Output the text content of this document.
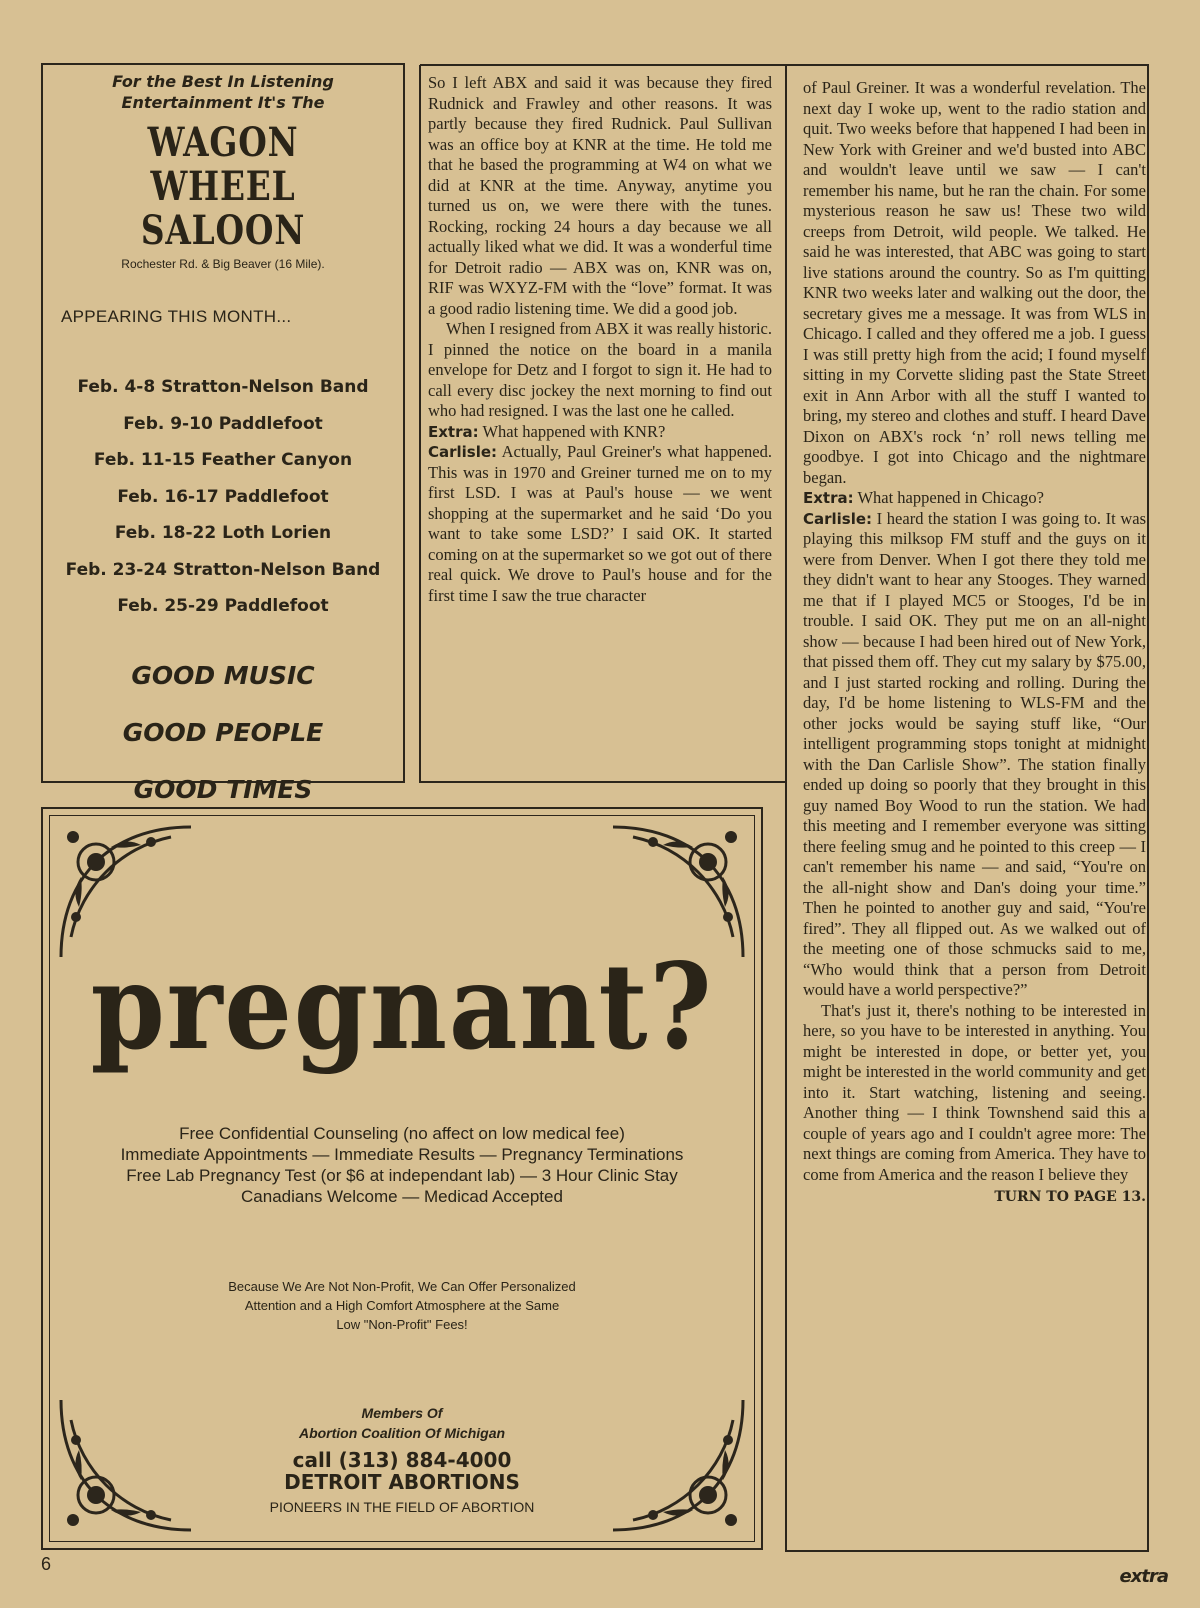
For the Best In Listening
Entertainment It's The
WAGON WHEEL
SALOON
Rochester Rd. & Big Beaver (16 Mile).
APPEARING THIS MONTH...
Feb. 4-8 Stratton-Nelson Band
Feb. 9-10 Paddlefoot
Feb. 11-15 Feather Canyon
Feb. 16-17 Paddlefoot
Feb. 18-22 Loth Lorien
Feb. 23-24 Stratton-Nelson Band
Feb. 25-29 Paddlefoot
GOOD MUSIC
GOOD PEOPLE
GOOD TIMES

So I left ABX and said it was because they fired Rudnick and Frawley and other reasons. It was partly because they fired Rudnick. Paul Sullivan was an office boy at KNR at the time. He told me that he based the programming at W4 on what we did at KNR at the time. Anyway, anytime you turned us on, we were there with the tunes. Rocking, rocking 24 hours a day because we all actually liked what we did. It was a wonderful time for Detroit radio — ABX was on, KNR was on, RIF was WXYZ-FM with the “love” format. It was a good radio listening time. We did a good job.

When I resigned from ABX it was really historic. I pinned the notice on the board in a manila envelope for Detz and I forgot to sign it. He had to call every disc jockey the next morning to find out who had resigned. I was the last one he called.

Extra: What happened with KNR?

Carlisle: Actually, Paul Greiner's what happened. This was in 1970 and Greiner turned me on to my first LSD. I was at Paul's house — we went shopping at the supermarket and he said ‘Do you want to take some LSD?’ I said OK. It started coming on at the supermarket so we got out of there real quick. We drove to Paul's house and for the first time I saw the true character

of Paul Greiner. It was a wonderful revelation. The next day I woke up, went to the radio station and quit. Two weeks before that happened I had been in New York with Greiner and we'd busted into ABC and wouldn't leave until we saw — I can't remember his name, but he ran the chain. For some mysterious reason he saw us! These two wild creeps from Detroit, wild people. We talked. He said he was interested, that ABC was going to start live stations around the country. So as I'm quitting KNR two weeks later and walking out the door, the secretary gives me a message. It was from WLS in Chicago. I called and they offered me a job. I guess I was still pretty high from the acid; I found myself sitting in my Corvette sliding past the State Street exit in Ann Arbor with all the stuff I wanted to bring, my stereo and clothes and stuff. I heard Dave Dixon on ABX's rock ‘n’ roll news telling me goodbye. I got into Chicago and the nightmare began.

Extra: What happened in Chicago?

Carlisle: I heard the station I was going to. It was playing this milksop FM stuff and the guys on it were from Denver. When I got there they told me they didn't want to hear any Stooges. They warned me that if I played MC5 or Stooges, I'd be in trouble. I said OK. They put me on an all-night show — because I had been hired out of New York, that pissed them off. They cut my salary by $75.00, and I just started rocking and rolling. During the day, I'd be home listening to WLS-FM and the other jocks would be saying stuff like, “Our intelligent programming stops tonight at midnight with the Dan Carlisle Show”. The station finally ended up doing so poorly that they brought in this guy named Boy Wood to run the station. We had this meeting and I remember everyone was sitting there feeling smug and he pointed to this creep — I can't remember his name — and said, “You're on the all-night show and Dan's doing your time.” Then he pointed to another guy and said, “You're fired”. They all flipped out. As we walked out of the meeting one of those schmucks said to me, “Who would think that a person from Detroit would have a world perspective?”

That's just it, there's nothing to be interested in here, so you have to be interested in anything. You might be interested in dope, or better yet, you might be interested in the world community and get into it. Start watching, listening and seeing. Another thing — I think Townshend said this a couple of years ago and I couldn't agree more: The next things are coming from America. They have to come from America and the reason I believe they

TURN TO PAGE 13.
pregnant?
Free Confidential Counseling (no affect on low medical fee)
Immediate Appointments — Immediate Results — Pregnancy Terminations
Free Lab Pregnancy Test (or $6 at independant lab) — 3 Hour Clinic Stay
Canadians Welcome — Medicad Accepted
Because We Are Not Non-Profit, We Can Offer Personalized
Attention and a High Comfort Atmosphere at the Same
Low "Non-Profit" Fees!
Members Of
Abortion Coalition Of Michigan
call (313) 884-4000
DETROIT ABORTIONS
PIONEERS IN THE FIELD OF ABORTION
6
extra
